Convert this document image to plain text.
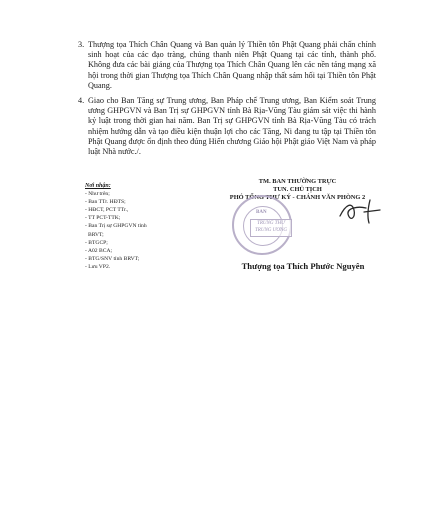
3. Thượng tọa Thích Chân Quang và Ban quản lý Thiền tôn Phật Quang phải chấn chỉnh sinh hoạt của các đạo tràng, chúng thanh niên Phật Quang tại các tỉnh, thành phố. Không đưa các bài giảng của Thượng tọa Thích Chân Quang lên các nền tảng mạng xã hội trong thời gian Thượng tọa Thích Chân Quang nhập thất sám hối tại Thiền tôn Phật Quang.
4. Giao cho Ban Tăng sự Trung ương, Ban Pháp chế Trung ương, Ban Kiểm soát Trung ương GHPGVN và Ban Trị sự GHPGVN tỉnh Bà Rịa-Vũng Tàu giám sát việc thi hành kỷ luật trong thời gian hai năm. Ban Trị sự GHPGVN tỉnh Bà Rịa-Vũng Tàu có trách nhiệm hướng dẫn và tạo điều kiện thuận lợi cho các Tăng, Ni đang tu tập tại Thiền tôn Phật Quang được ổn định theo đúng Hiến chương Giáo hội Phật giáo Việt Nam và pháp luật Nhà nước./.
Nơi nhận:
- Như trên;
- Ban TTr. HĐTS;
- HĐCT, PCT TTr.,
- TT PCT-TTK;
- Ban Trị sự GHPGVN tỉnh
BRVT;
- BTGCP;
- A02 BCA;
- BTG/SNV tỉnh BRVT;
- Lưu VP2.
TM. BAN THƯỜNG TRỰC
TUN. CHỦ TỊCH
PHÓ TỔNG THƯ KÝ - CHÁNH VĂN PHÒNG 2
BAN
TRUNG THƯ TRUNG ƯƠNG
Thượng tọa Thích Phước Nguyên
